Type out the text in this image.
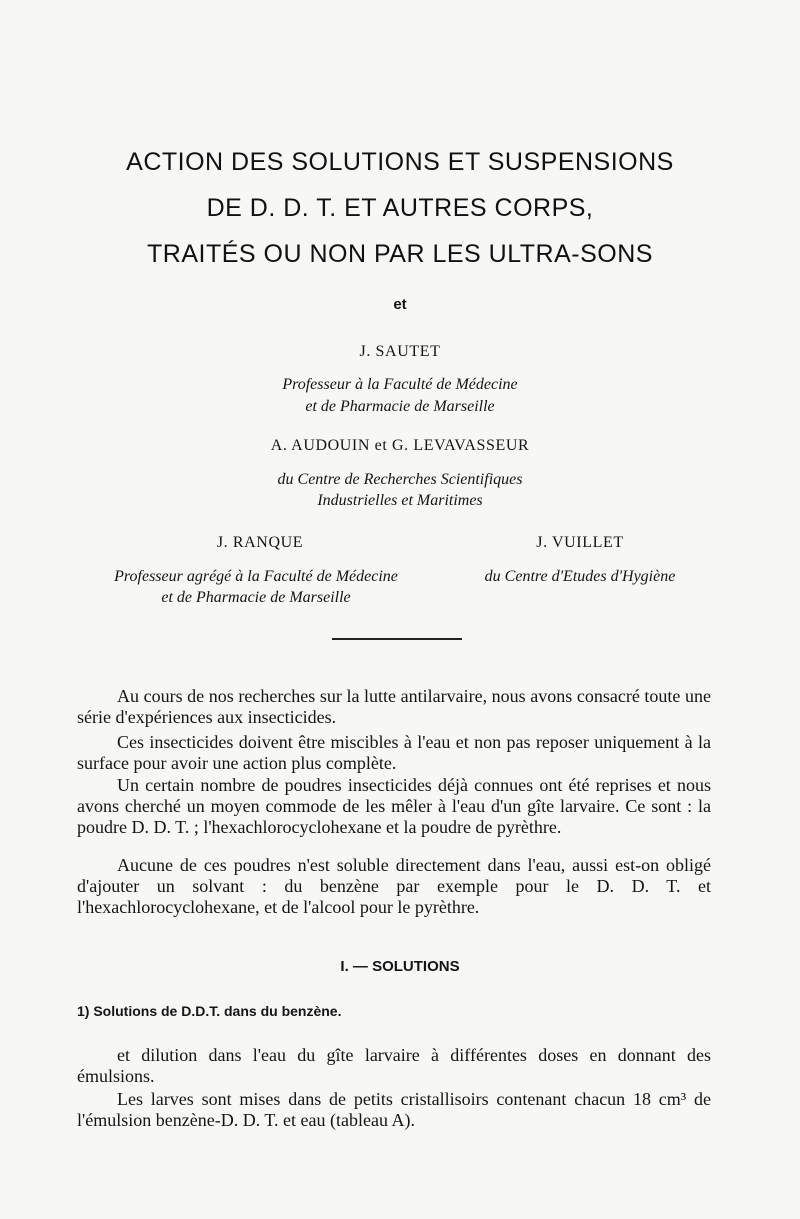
ACTION DES SOLUTIONS ET SUSPENSIONS
DE D. D. T. ET AUTRES CORPS,
TRAITÉS OU NON PAR LES ULTRA-SONS
et
J. SAUTET
Professeur à la Faculté de Médecine
et de Pharmacie de Marseille
A. AUDOUIN et G. LEVAVASSEUR
du Centre de Recherches Scientifiques
Industrielles et Maritimes
J. RANQUE
Professeur agrégé à la Faculté de Médecine
et de Pharmacie de Marseille
J. VUILLET
du Centre d'Etudes d'Hygiène

Au cours de nos recherches sur la lutte antilarvaire, nous avons consacré toute une série d'expériences aux insecticides.

Ces insecticides doivent être miscibles à l'eau et non pas reposer uniquement à la surface pour avoir une action plus complète.

Un certain nombre de poudres insecticides déjà connues ont été reprises et nous avons cherché un moyen commode de les mêler à l'eau d'un gîte larvaire. Ce sont : la poudre D. D. T. ; l'hexachlorocyclohexane et la poudre de pyrèthre.

Aucune de ces poudres n'est soluble directement dans l'eau, aussi est-on obligé d'ajouter un solvant : du benzène par exemple pour le D. D. T. et l'hexachlorocyclohexane, et de l'alcool pour le pyrèthre.

I. — SOLUTIONS
1) Solutions de D.D.T. dans du benzène.

et dilution dans l'eau du gîte larvaire à différentes doses en donnant des émulsions.

Les larves sont mises dans de petits cristallisoirs contenant chacun 18 cm³ de l'émulsion benzène-D. D. T. et eau (tableau A).
